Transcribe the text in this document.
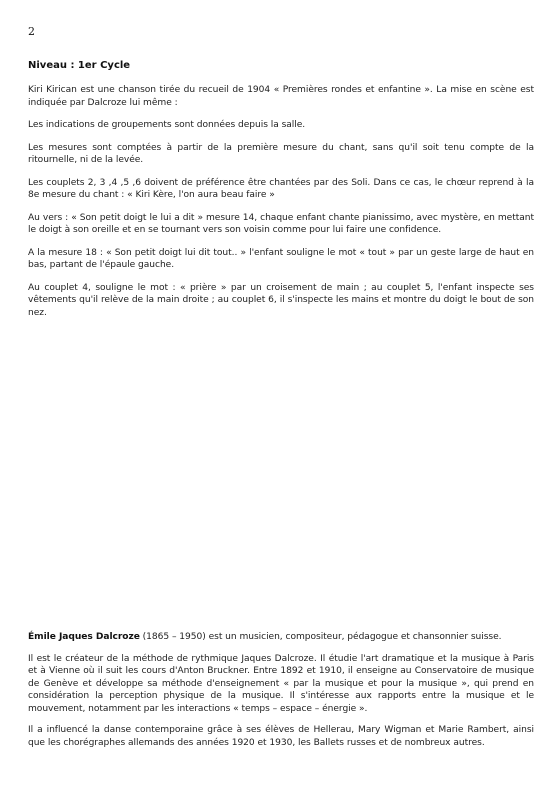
2
Niveau : 1er Cycle

Kiri Kirican est une chanson tirée du recueil de 1904 « Premières rondes et enfantine ». La mise en scène est indiquée par Dalcroze lui même :

Les indications de groupements sont données depuis la salle.

Les mesures sont comptées à partir de la première mesure du chant, sans qu'il soit tenu compte de la ritournelle, ni de la levée.

Les couplets 2, 3 ,4 ,5 ,6 doivent de préférence être chantées par des Soli. Dans ce cas, le chœur reprend à la 8e mesure du chant : « Kiri Kère, l'on aura beau faire »

Au vers : « Son petit doigt le lui a dit » mesure 14, chaque enfant chante pianissimo, avec mystère, en mettant le doigt à son oreille et en se tournant vers son voisin comme pour lui faire une confidence.

A la mesure 18 : « Son petit doigt lui dit tout.. » l'enfant souligne le mot « tout » par un geste large de haut en bas, partant de l'épaule gauche.

Au couplet 4, souligne le mot : « prière » par un croisement de main ; au couplet 5, l'enfant inspecte ses vêtements qu'il relève de la main droite ; au couplet 6, il s'inspecte les mains et montre du doigt le bout de son nez.

Émile Jaques Dalcroze (1865 – 1950) est un musicien, compositeur, pédagogue et chansonnier suisse.

Il est le créateur de la méthode de rythmique Jaques Dalcroze. Il étudie l'art dramatique et la musique à Paris et à Vienne où il suit les cours d'Anton Bruckner. Entre 1892 et 1910, il enseigne au Conservatoire de musique de Genève et développe sa méthode d'enseignement « par la musique et pour la musique », qui prend en considération la perception physique de la musique. Il s'intéresse aux rapports entre la musique et le mouvement, notamment par les interactions « temps – espace – énergie ».

Il a influencé la danse contemporaine grâce à ses élèves de Hellerau, Mary Wigman et Marie Rambert, ainsi que les chorégraphes allemands des années 1920 et 1930, les Ballets russes et de nombreux autres.
